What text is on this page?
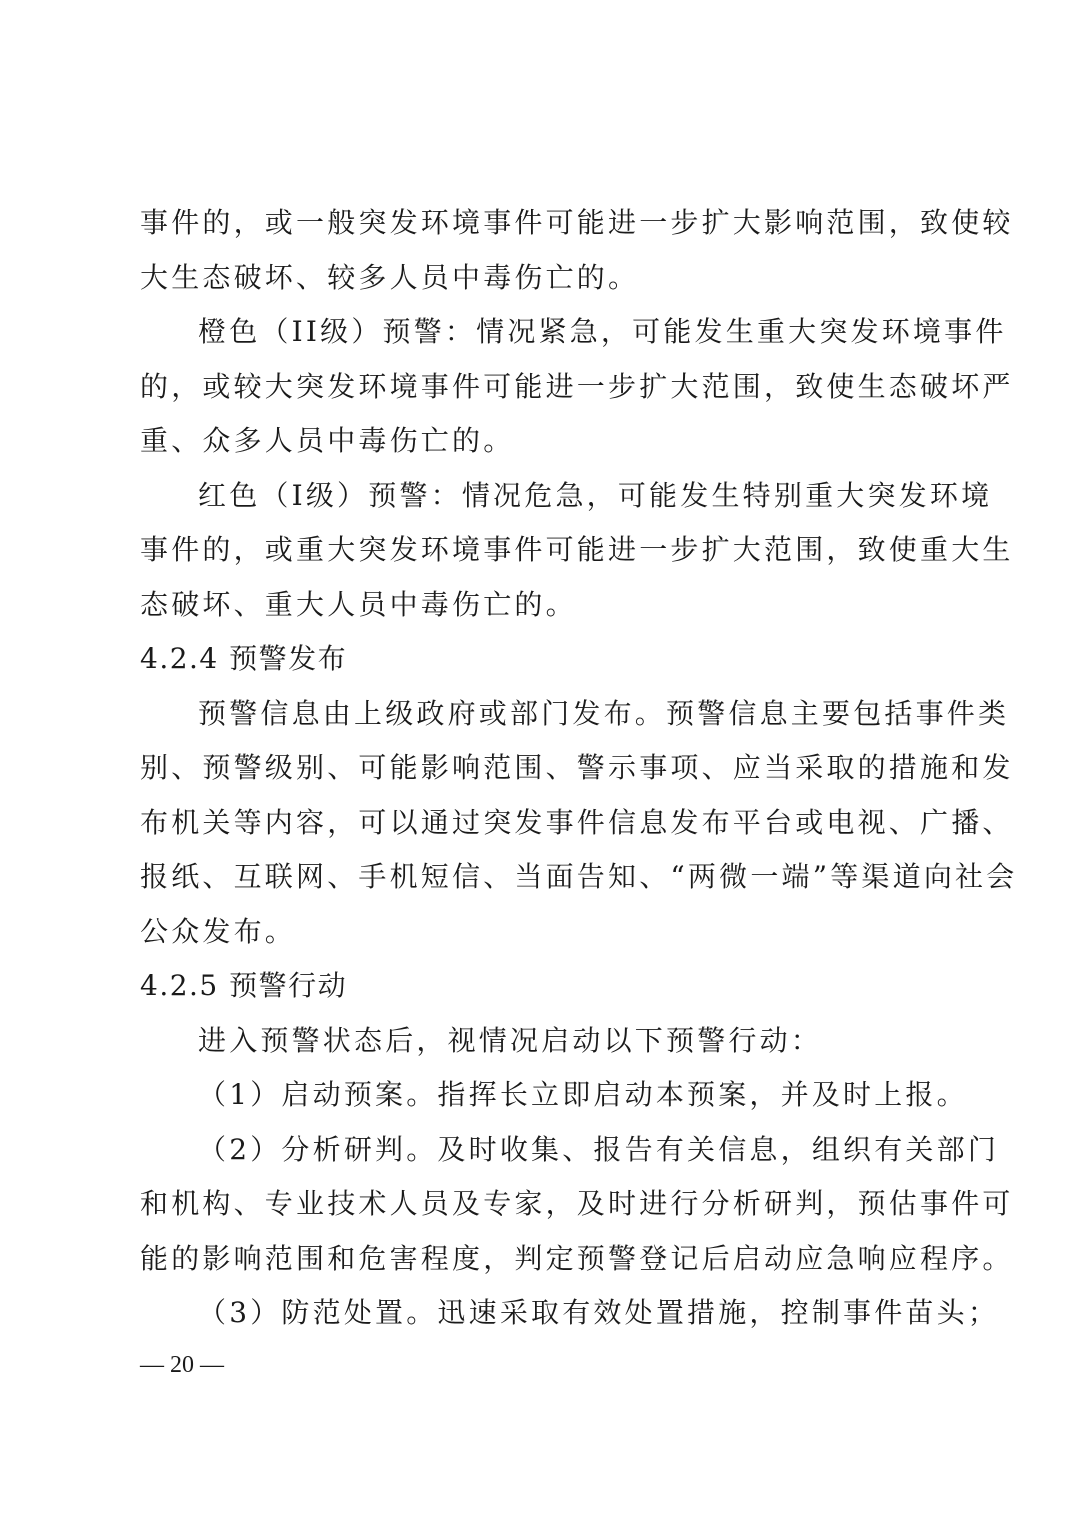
事件的，或一般突发环境事件可能进一步扩大影响范围，致使较
大生态破坏、较多人员中毒伤亡的。
橙色（II级）预警：情况紧急，可能发生重大突发环境事件
的，或较大突发环境事件可能进一步扩大范围，致使生态破坏严
重、众多人员中毒伤亡的。
红色（I级）预警：情况危急，可能发生特别重大突发环境
事件的，或重大突发环境事件可能进一步扩大范围，致使重大生
态破坏、重大人员中毒伤亡的。
4.2.4 预警发布
预警信息由上级政府或部门发布。预警信息主要包括事件类
别、预警级别、可能影响范围、警示事项、应当采取的措施和发
布机关等内容，可以通过突发事件信息发布平台或电视、广播、
报纸、互联网、手机短信、当面告知、“两微一端”等渠道向社会
公众发布。
4.2.5 预警行动
进入预警状态后，视情况启动以下预警行动：
（1）启动预案。指挥长立即启动本预案，并及时上报。
（2）分析研判。及时收集、报告有关信息，组织有关部门
和机构、专业技术人员及专家，及时进行分析研判，预估事件可
能的影响范围和危害程度，判定预警登记后启动应急响应程序。
（3）防范处置。迅速采取有效处置措施，控制事件苗头；
— 20 —
